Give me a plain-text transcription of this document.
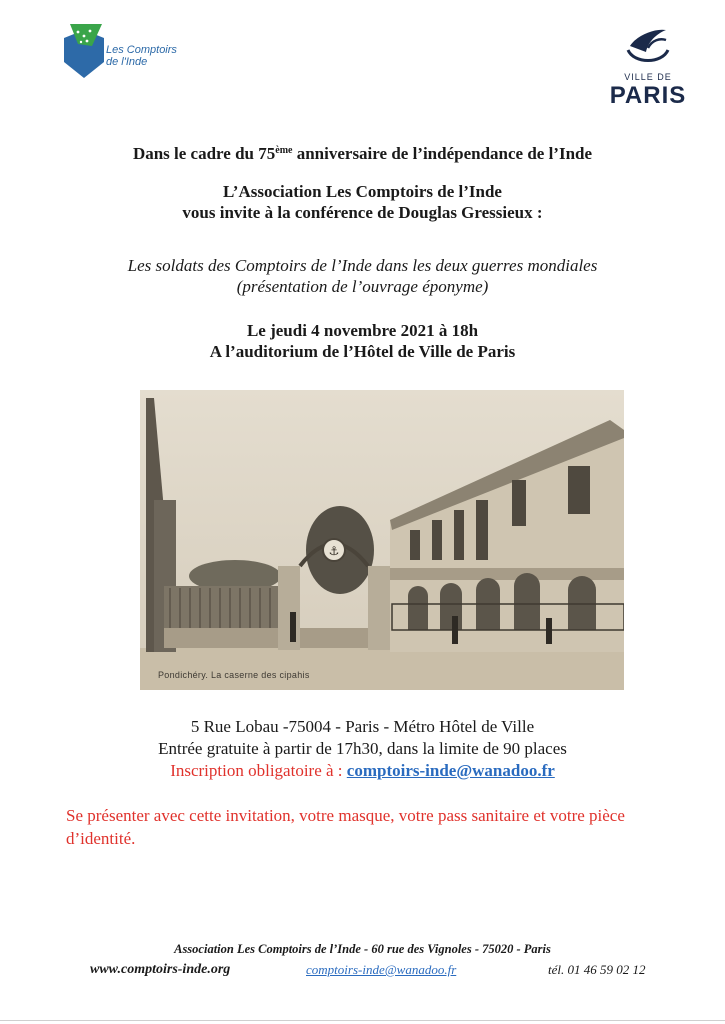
Les Comptoirs
de l'Inde
VILLE DE
PARIS
Dans le cadre du 75ème anniversaire de l’indépendance de l’Inde
L’Association Les Comptoirs de l’Inde
vous invite à la conférence de Douglas Gressieux :
Les soldats des Comptoirs de l’Inde dans les deux guerres mondiales
(présentation de l’ouvrage éponyme)
Le jeudi 4 novembre 2021 à 18h
A l’auditorium de l’Hôtel de Ville de Paris
⚓
Pondichéry. La caserne des cipahis
5 Rue Lobau -75004 - Paris - Métro Hôtel de Ville
Entrée gratuite à partir de 17h30, dans la limite de 90 places
Inscription obligatoire à : comptoirs-inde@wanadoo.fr
Se présenter avec cette invitation, votre masque, votre pass sanitaire et votre pièce d’identité.
Association Les Comptoirs de l’Inde - 60 rue des Vignoles - 75020 - Paris
www.comptoirs-inde.org	comptoirs-inde@wanadoo.fr	tél. 01 46 59 02 12
